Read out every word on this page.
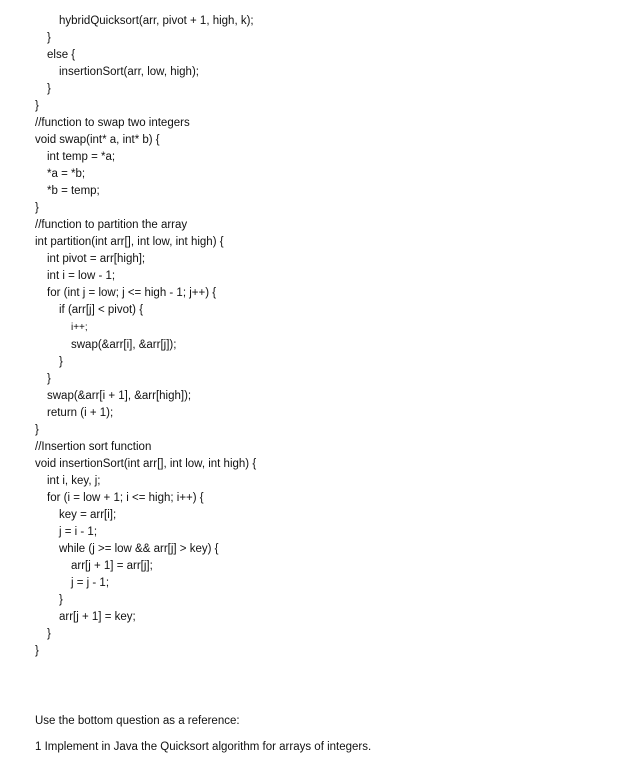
hybridQuicksort(arr, pivot + 1, high, k);
}
else {
insertionSort(arr, low, high);
}
}
//function to swap two integers
void swap(int* a, int* b) {
int temp = *a;
*a = *b;
*b = temp;
}
//function to partition the array
int partition(int arr[], int low, int high) {
int pivot = arr[high];
int i = low - 1;
for (int j = low; j <= high - 1; j++) {
if (arr[j] < pivot) {
i++;
swap(&arr[i], &arr[j]);
}
}
swap(&arr[i + 1], &arr[high]);
return (i + 1);
}
//Insertion sort function
void insertionSort(int arr[], int low, int high) {
int i, key, j;
for (i = low + 1; i <= high; i++) {
key = arr[i];
j = i - 1;
while (j >= low && arr[j] > key) {
arr[j + 1] = arr[j];
j = j - 1;
}
arr[j + 1] = key;
}
}
Use the bottom question as a reference:
1 Implement in Java the Quicksort algorithm for arrays of integers.
